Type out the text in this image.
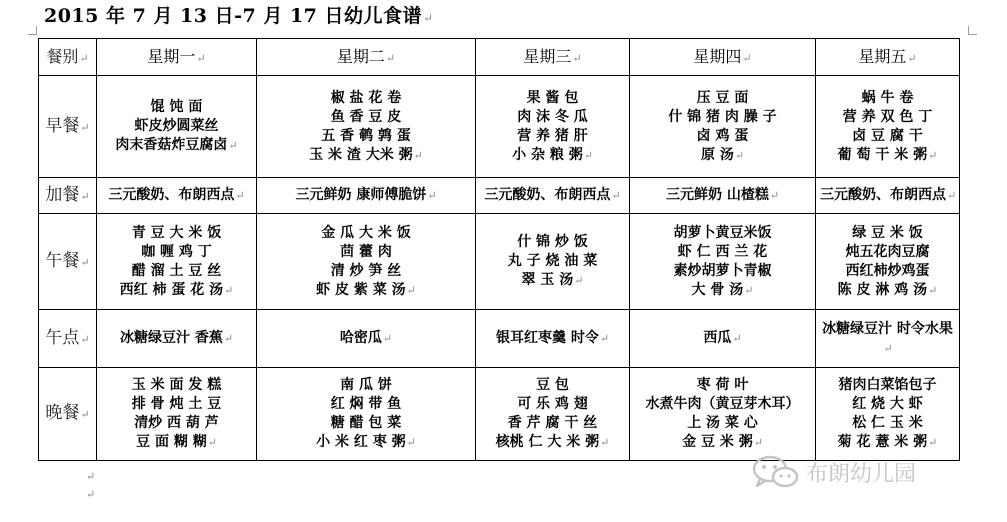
2015 年 7 月 13 日-7 月 17 日幼儿食谱↵
餐别↵	星期一↵	星期二↵	星期三↵	星期四↵	星期五↵
早餐↵	馄 饨 面
虾皮炒圆菜丝
肉末香菇炸豆腐卤↵	椒 盐 花 卷
鱼 香 豆 皮
五 香 鹌 鹑 蛋
玉 米 渣 大米 粥↵	果 酱 包
肉 沫 冬 瓜
营 养 猪 肝
小 杂 粮 粥↵	压 豆 面
什 锦 猪 肉 臊 子
卤 鸡 蛋
原 汤↵	蜗 牛 卷
营 养 双 色 丁
卤 豆 腐 干
葡 萄 干 米 粥↵

加餐↵	三元酸奶、布朗西点↵	三元鲜奶 康师傅脆饼↵	三元酸奶、布朗西点↵	三元鲜奶 山楂糕↵	三元酸奶、布朗西点↵

午餐↵	青 豆 大 米 饭
咖 喱 鸡 丁
醋 溜 土 豆 丝
西红 柿 蛋 花 汤↵	金 瓜 大 米 饭
茴 藿 肉
清 炒 笋 丝
虾 皮 紫 菜 汤↵	什 锦 炒 饭
丸 子 烧 油 菜
翠 玉 汤↵	胡萝卜黄豆米饭
虾 仁 西 兰 花
素炒胡萝卜青椒
大 骨 汤↵	绿 豆 米 饭
炖五花肉豆腐
西红柿炒鸡蛋
陈 皮 淋 鸡 汤↵

午点↵	冰糖绿豆汁 香蕉↵	哈密瓜↵	银耳红枣羹 时令↵	西瓜↵	冰糖绿豆汁 时令水果↵

晚餐↵	玉 米 面 发 糕
排 骨 炖 土 豆
清炒 西 葫 芦
豆 面 糊 糊↵	南 瓜 饼
红 焖 带 鱼
糖 醋 包 菜
小 米 红 枣 粥↵	豆 包
可 乐 鸡 翅
香 芹 腐 干 丝
核桃 仁 大 米 粥↵	枣 荷 叶
水煮牛肉（黄豆芽木耳）
上 汤 菜 心
金 豆 米 粥↵	猪肉白菜馅包子
红 烧 大 虾
松 仁 玉 米
菊 花 薏 米 粥↵
↵
↵
布朗幼儿园
